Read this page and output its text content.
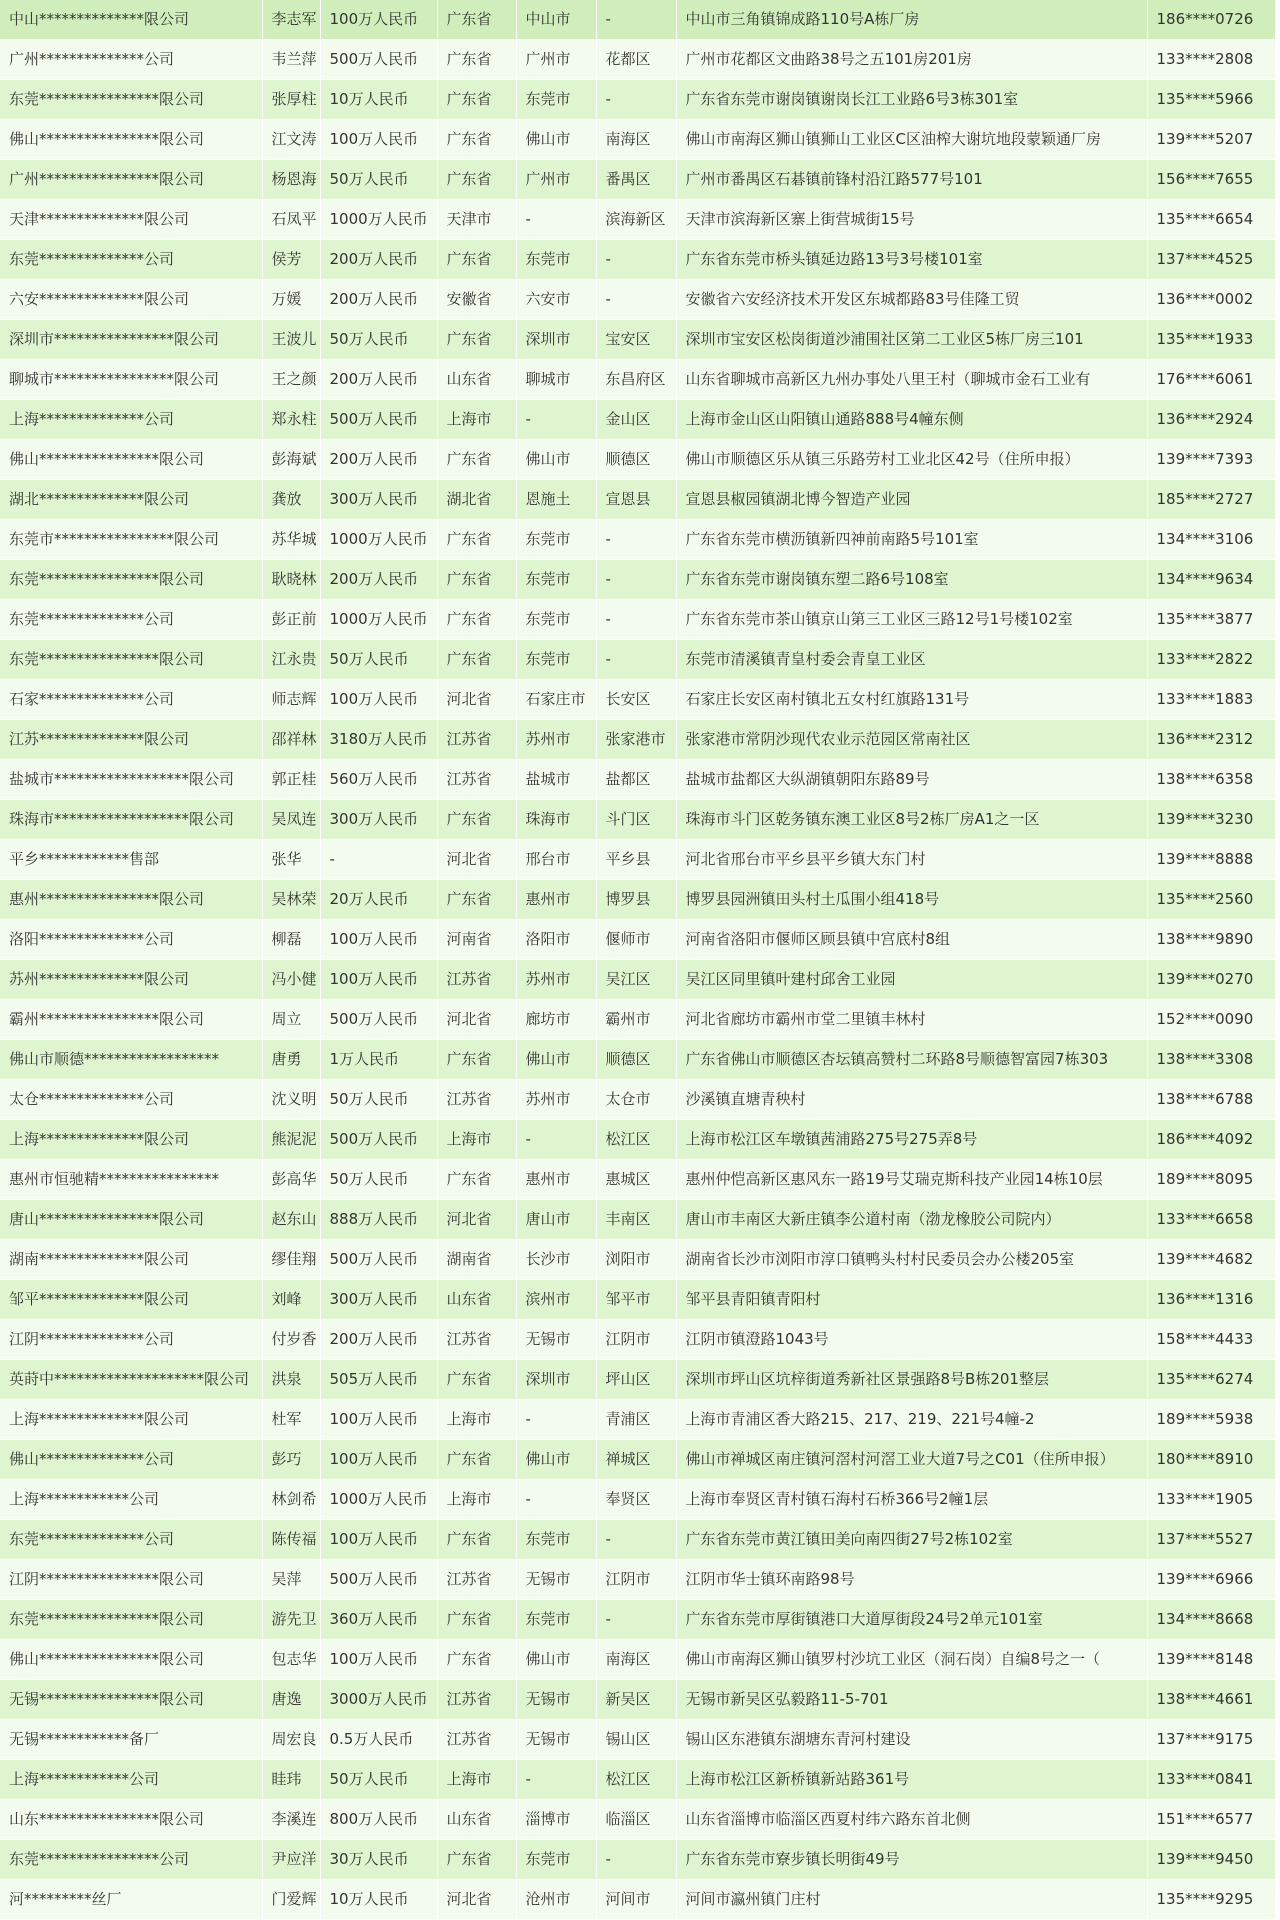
中山**************限公司	李志军	100万人民币	广东省	中山市	-	中山市三角镇锦成路110号A栋厂房	186****0726
广州**************公司	韦兰萍	500万人民币	广东省	广州市	花都区	广州市花都区文曲路38号之五101房201房	133****2808
东莞****************限公司	张厚柱	10万人民币	广东省	东莞市	-	广东省东莞市谢岗镇谢岗长江工业路6号3栋301室	135****5966
佛山****************限公司	江文涛	100万人民币	广东省	佛山市	南海区	佛山市南海区狮山镇狮山工业区C区油榨大谢坑地段蒙颖通厂房	139****5207
广州****************限公司	杨恩海	50万人民币	广东省	广州市	番禺区	广州市番禺区石碁镇前锋村沿江路577号101	156****7655
天津**************限公司	石凤平	1000万人民币	天津市	-	滨海新区	天津市滨海新区寨上街营城街15号	135****6654
东莞**************公司	侯芳	200万人民币	广东省	东莞市	-	广东省东莞市桥头镇延边路13号3号楼101室	137****4525
六安**************限公司	万媛	200万人民币	安徽省	六安市	-	安徽省六安经济技术开发区东城都路83号佳隆工贸	136****0002
深圳市****************限公司	王波儿	50万人民币	广东省	深圳市	宝安区	深圳市宝安区松岗街道沙浦围社区第二工业区5栋厂房三101	135****1933
聊城市****************限公司	王之颜	200万人民币	山东省	聊城市	东昌府区	山东省聊城市高新区九州办事处八里王村（聊城市金石工业有	176****6061
上海**************公司	郑永柱	500万人民币	上海市	-	金山区	上海市金山区山阳镇山通路888号4幢东侧	136****2924
佛山****************限公司	彭海斌	200万人民币	广东省	佛山市	顺德区	佛山市顺德区乐从镇三乐路劳村工业北区42号（住所申报）	139****7393
湖北**************限公司	龚放	300万人民币	湖北省	恩施土	宣恩县	宣恩县椒园镇湖北博今智造产业园	185****2727
东莞市****************限公司	苏华城	1000万人民币	广东省	东莞市	-	广东省东莞市横沥镇新四神前南路5号101室	134****3106
东莞****************限公司	耿晓林	200万人民币	广东省	东莞市	-	广东省东莞市谢岗镇东塑二路6号108室	134****9634
东莞**************公司	彭正前	1000万人民币	广东省	东莞市	-	广东省东莞市茶山镇京山第三工业区三路12号1号楼102室	135****3877
东莞****************限公司	江永贵	50万人民币	广东省	东莞市	-	东莞市清溪镇青皇村委会青皇工业区	133****2822
石家**************公司	师志辉	100万人民币	河北省	石家庄市	长安区	石家庄长安区南村镇北五女村红旗路131号	133****1883
江苏**************限公司	邵祥林	3180万人民币	江苏省	苏州市	张家港市	张家港市常阴沙现代农业示范园区常南社区	136****2312
盐城市******************限公司	郭正桂	560万人民币	江苏省	盐城市	盐都区	盐城市盐都区大纵湖镇朝阳东路89号	138****6358
珠海市******************限公司	吴凤连	300万人民币	广东省	珠海市	斗门区	珠海市斗门区乾务镇东澳工业区8号2栋厂房A1之一区	139****3230
平乡************售部	张华	-	河北省	邢台市	平乡县	河北省邢台市平乡县平乡镇大东门村	139****8888
惠州****************限公司	吴林荣	20万人民币	广东省	惠州市	博罗县	博罗县园洲镇田头村土瓜围小组418号	135****2560
洛阳**************公司	柳磊	100万人民币	河南省	洛阳市	偃师市	河南省洛阳市偃师区顾县镇中宫底村8组	138****9890
苏州**************限公司	冯小健	100万人民币	江苏省	苏州市	吴江区	吴江区同里镇叶建村邱舍工业园	139****0270
霸州****************限公司	周立	500万人民币	河北省	廊坊市	霸州市	河北省廊坊市霸州市堂二里镇丰林村	152****0090
佛山市顺德******************	唐勇	1万人民币	广东省	佛山市	顺德区	广东省佛山市顺德区杏坛镇高赞村二环路8号顺德智富园7栋303	138****3308
太仓**************公司	沈义明	50万人民币	江苏省	苏州市	太仓市	沙溪镇直塘青秧村	138****6788
上海**************限公司	熊泥泥	500万人民币	上海市	-	松江区	上海市松江区车墩镇茜浦路275号275弄8号	186****4092
惠州市恒驰精****************	彭高华	50万人民币	广东省	惠州市	惠城区	惠州仲恺高新区惠风东一路19号艾瑞克斯科技产业园14栋10层	189****8095
唐山****************限公司	赵东山	888万人民币	河北省	唐山市	丰南区	唐山市丰南区大新庄镇李公道村南（渤龙橡胶公司院内）	133****6658
湖南**************限公司	缪佳翔	500万人民币	湖南省	长沙市	浏阳市	湖南省长沙市浏阳市淳口镇鸭头村村民委员会办公楼205室	139****4682
邹平**************限公司	刘峰	300万人民币	山东省	滨州市	邹平市	邹平县青阳镇青阳村	136****1316
江阴**************公司	付岁香	200万人民币	江苏省	无锡市	江阴市	江阴市镇澄路1043号	158****4433
英莳中********************限公司	洪泉	505万人民币	广东省	深圳市	坪山区	深圳市坪山区坑梓街道秀新社区景强路8号B栋201整层	135****6274
上海**************限公司	杜军	100万人民币	上海市	-	青浦区	上海市青浦区香大路215、217、219、221号4幢-2	189****5938
佛山**************公司	彭巧	100万人民币	广东省	佛山市	禅城区	佛山市禅城区南庄镇河滘村河滘工业大道7号之C01（住所申报）	180****8910
上海************公司	林剑希	1000万人民币	上海市	-	奉贤区	上海市奉贤区青村镇石海村石桥366号2幢1层	133****1905
东莞**************公司	陈传福	100万人民币	广东省	东莞市	-	广东省东莞市黄江镇田美向南四街27号2栋102室	137****5527
江阴****************限公司	吴萍	500万人民币	江苏省	无锡市	江阴市	江阴市华士镇环南路98号	139****6966
东莞****************限公司	游先卫	360万人民币	广东省	东莞市	-	广东省东莞市厚街镇港口大道厚街段24号2单元101室	134****8668
佛山****************限公司	包志华	100万人民币	广东省	佛山市	南海区	佛山市南海区狮山镇罗村沙坑工业区（洞石岗）自编8号之一（	139****8148
无锡****************限公司	唐逸	3000万人民币	江苏省	无锡市	新吴区	无锡市新吴区弘毅路11-5-701	138****4661
无锡************备厂	周宏良	0.5万人民币	江苏省	无锡市	锡山区	锡山区东港镇东湖塘东青河村建设	137****9175
上海************公司	眭玮	50万人民币	上海市	-	松江区	上海市松江区新桥镇新站路361号	133****0841
山东****************限公司	李溪连	800万人民币	山东省	淄博市	临淄区	山东省淄博市临淄区西夏村纬六路东首北侧	151****6577
东莞****************公司	尹应洋	30万人民币	广东省	东莞市	-	广东省东莞市寮步镇长明街49号	139****9450
河*********丝厂	门爱辉	10万人民币	河北省	沧州市	河间市	河间市瀛州镇门庄村	135****9295
